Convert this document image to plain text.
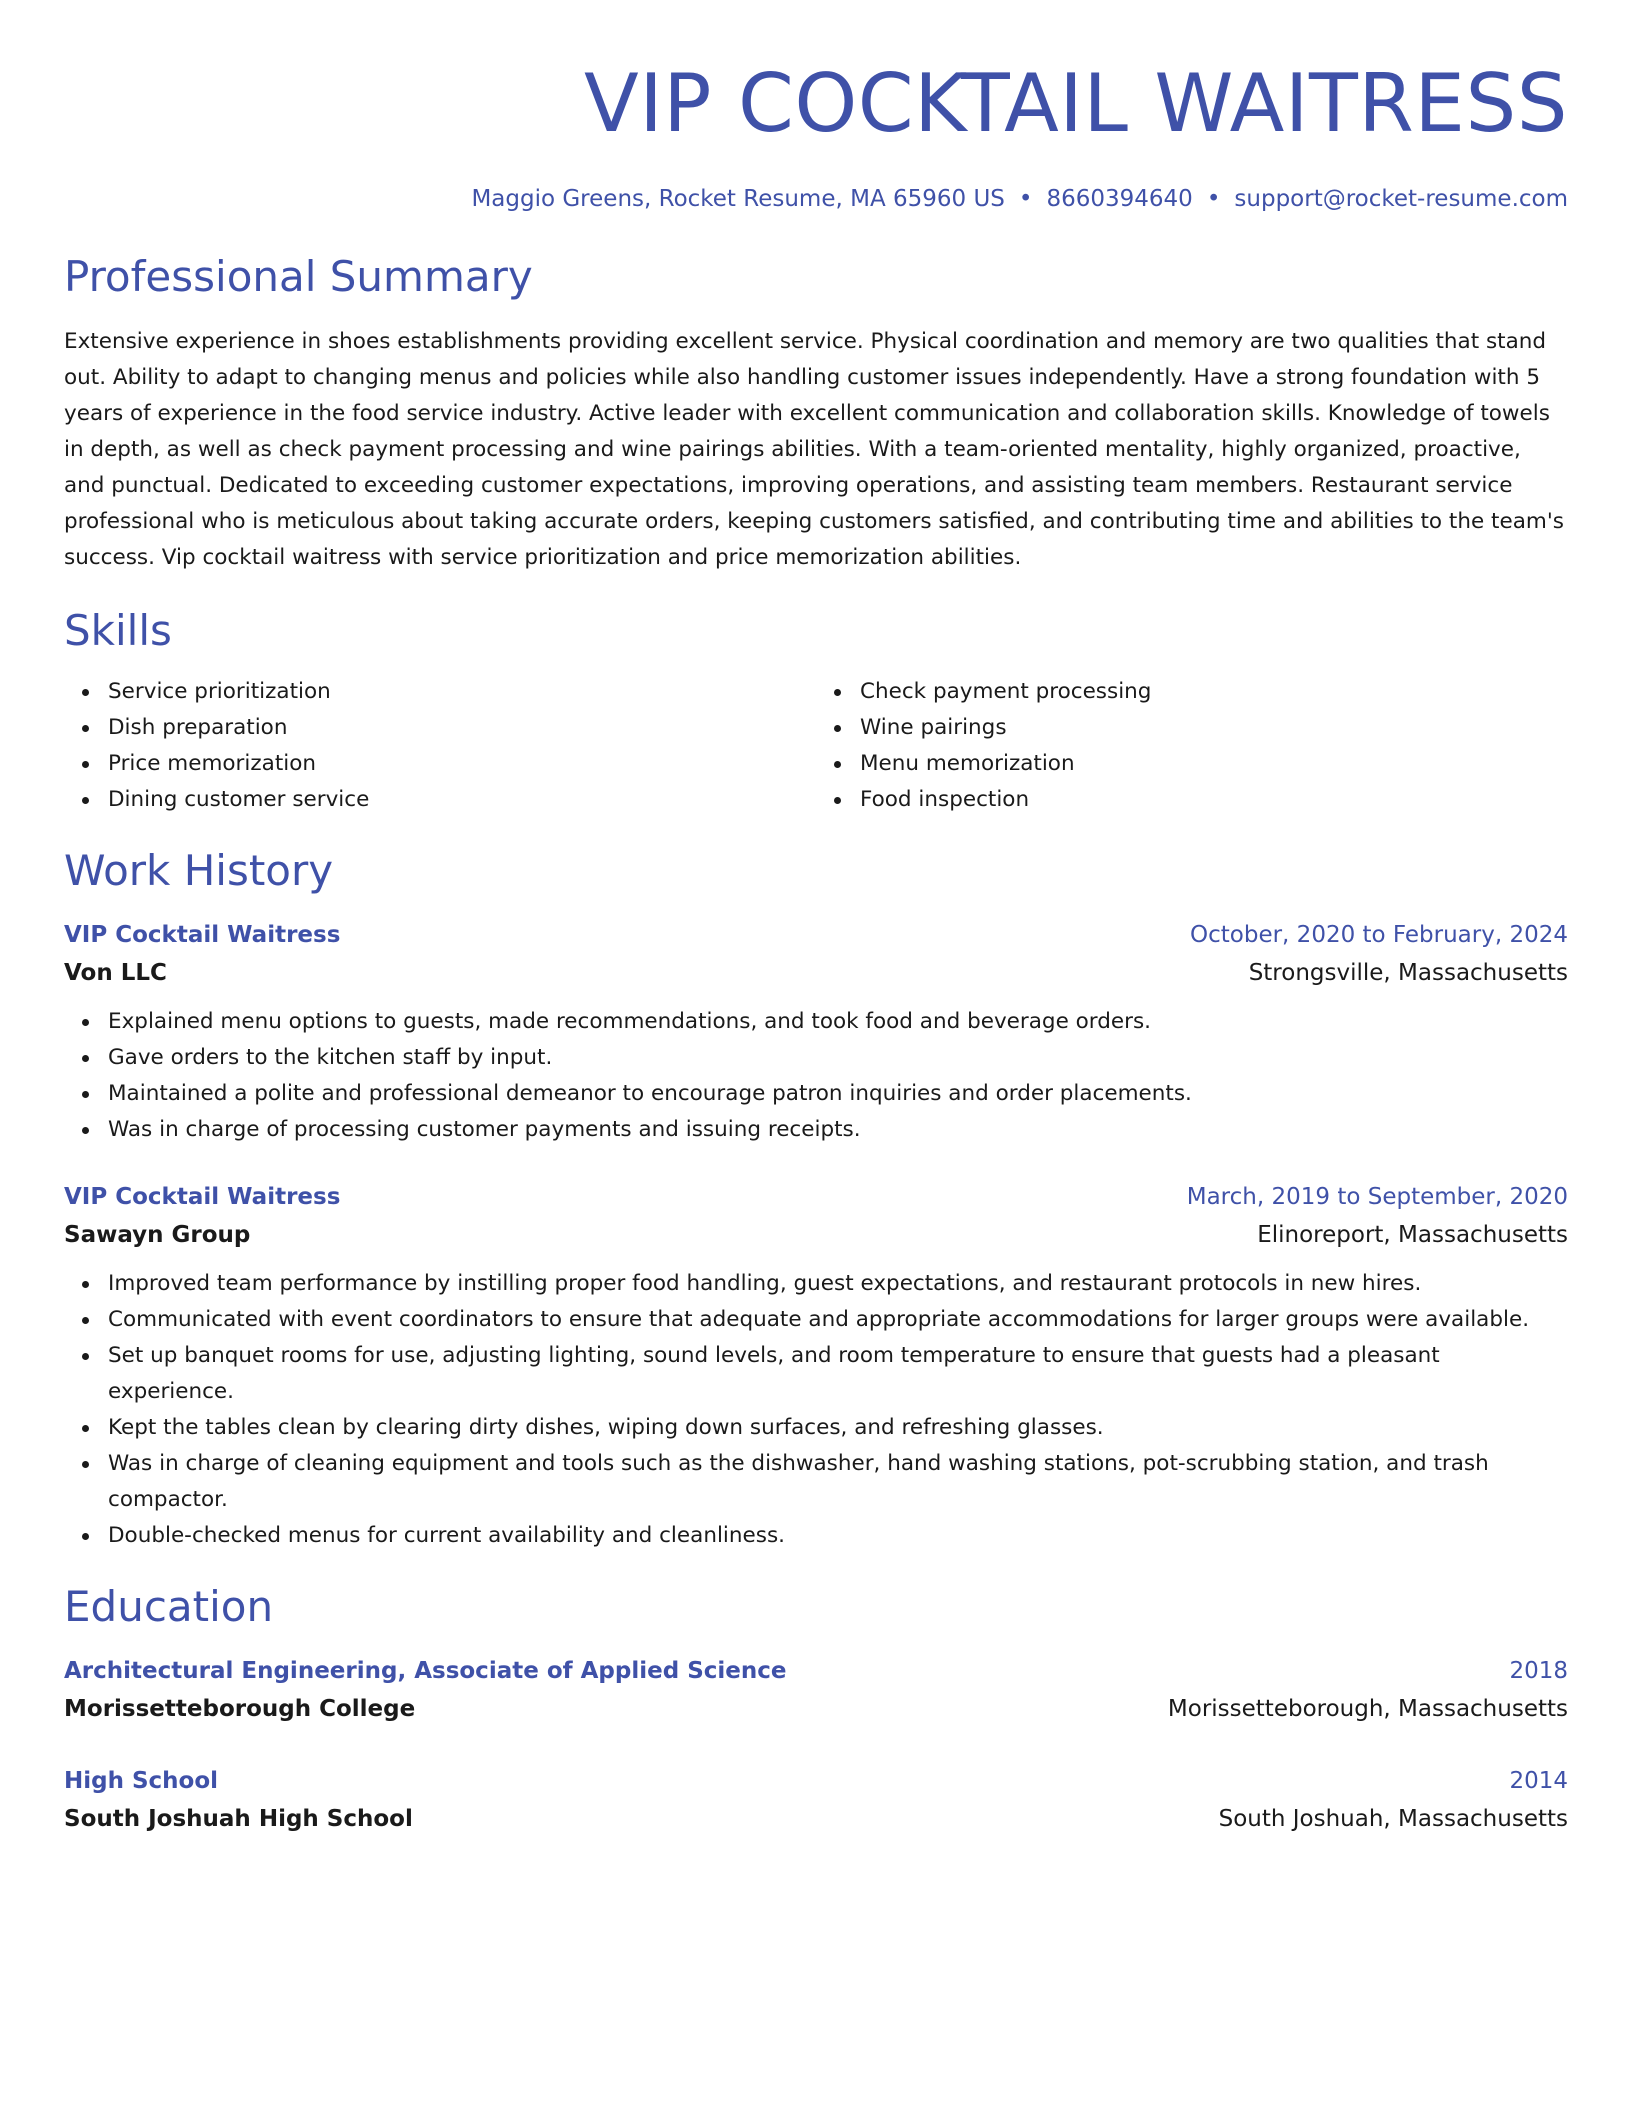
VIP COCKTAIL WAITRESS
Maggio Greens, Rocket Resume, MA 65960 US • 8660394640 • support@rocket-resume.com
Professional Summary

Extensive experience in shoes establishments providing excellent service. Physical coordination and memory are two qualities that stand out. Ability to adapt to changing menus and policies while also handling customer issues independently. Have a strong foundation with 5 years of experience in the food service industry. Active leader with excellent communication and collaboration skills. Knowledge of towels in depth, as well as check payment processing and wine pairings abilities. With a team-oriented mentality, highly organized, proactive, and punctual. Dedicated to exceeding customer expectations, improving operations, and assisting team members. Restaurant service professional who is meticulous about taking accurate orders, keeping customers satisfied, and contributing time and abilities to the team's success. Vip cocktail waitress with service prioritization and price memorization abilities.

Skills
Service prioritization
Dish preparation
Price memorization
Dining customer service
Check payment processing
Wine pairings
Menu memorization
Food inspection
Work History
VIP Cocktail Waitress	October, 2020 to February, 2024
Von LLC	Strongsville, Massachusetts
Explained menu options to guests, made recommendations, and took food and beverage orders.
Gave orders to the kitchen staff by input.
Maintained a polite and professional demeanor to encourage patron inquiries and order placements.
Was in charge of processing customer payments and issuing receipts.
VIP Cocktail Waitress	March, 2019 to September, 2020
Sawayn Group	Elinoreport, Massachusetts
Improved team performance by instilling proper food handling, guest expectations, and restaurant protocols in new hires.
Communicated with event coordinators to ensure that adequate and appropriate accommodations for larger groups were available.
Set up banquet rooms for use, adjusting lighting, sound levels, and room temperature to ensure that guests had a pleasant experience.
Kept the tables clean by clearing dirty dishes, wiping down surfaces, and refreshing glasses.
Was in charge of cleaning equipment and tools such as the dishwasher, hand washing stations, pot-scrubbing station, and trash compactor.
Double-checked menus for current availability and cleanliness.
Education
Architectural Engineering, Associate of Applied Science	2018
Morissetteborough College	Morissetteborough, Massachusetts
High School	2014
South Joshuah High School	South Joshuah, Massachusetts
